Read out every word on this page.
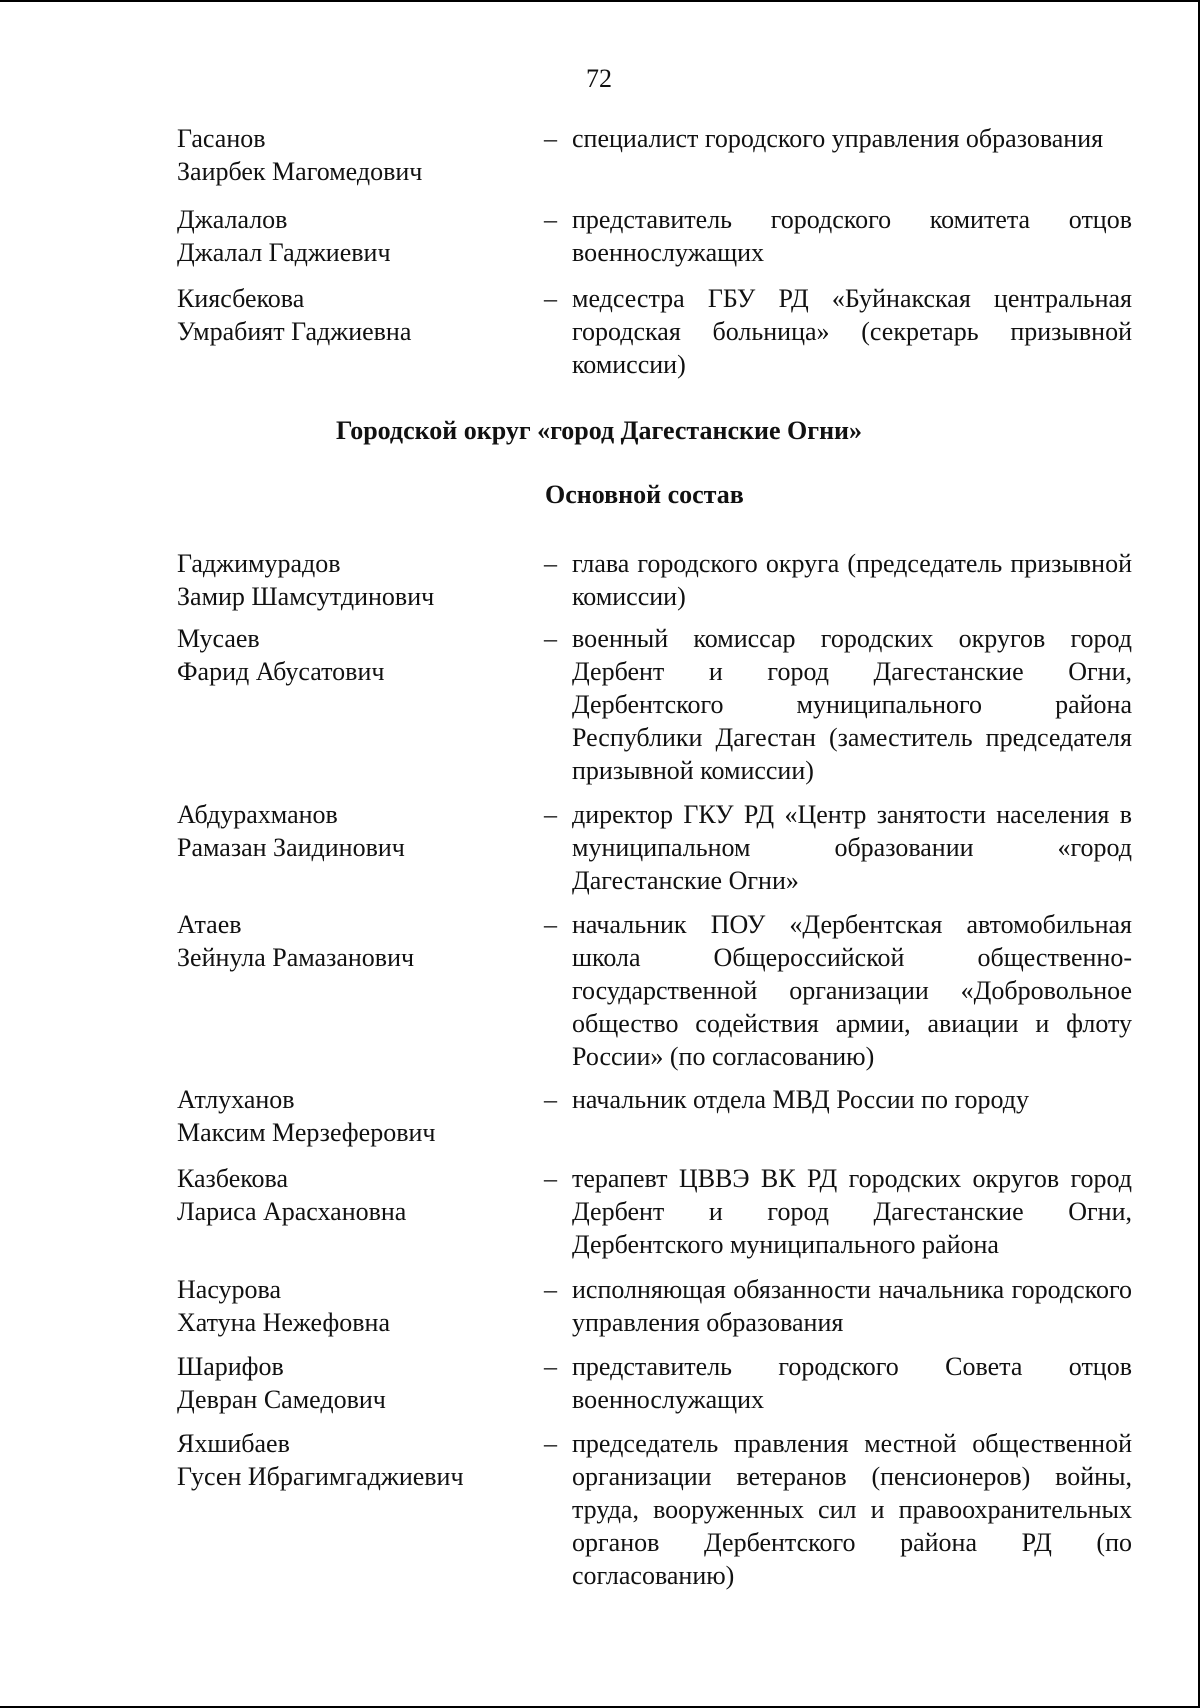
72
Гасанов
Заирбек Магомедович
– специалист городского управления образования
Джалалов
Джалал Гаджиевич
– представитель городского комитета отцов военнослужащих
Киясбекова
Умрабият Гаджиевна
– медсестра ГБУ РД «Буйнакская центральная городская больница» (секретарь призывной комиссии)
Городской округ «город Дагестанские Огни»
Основной состав
Гаджимурадов
Замир Шамсутдинович
– глава городского округа (председатель призывной комиссии)
Мусаев
Фарид Абусатович
– военный комиссар городских округов город Дербент и город Дагестанские Огни, Дербентского муниципального района Республики Дагестан (заместитель председателя призывной комиссии)
Абдурахманов
Рамазан Заидинович
– директор ГКУ РД «Центр занятости населения в муниципальном образовании «город Дагестанские Огни»
Атаев
Зейнула Рамазанович
– начальник ПОУ «Дербентская автомобильная школа Общероссийской общественно-государственной организации «Добровольное общество содействия армии, авиации и флоту России» (по согласованию)
Атлуханов
Максим Мерзеферович
– начальник отдела МВД России по городу
Казбекова
Лариса Арасхановна
– терапевт ЦВВЭ ВК РД городских округов город Дербент и город Дагестанские Огни, Дербентского муниципального района
Насурова
Хатуна Нежефовна
– исполняющая обязанности начальника городского управления образования
Шарифов
Девран Самедович
– представитель городского Совета отцов военнослужащих
Яхшибаев
Гусен Ибрагимгаджиевич
– председатель правления местной общественной организации ветеранов (пенсионеров) войны, труда, вооруженных сил и правоохранительных органов Дербентского района РД (по согласованию)
